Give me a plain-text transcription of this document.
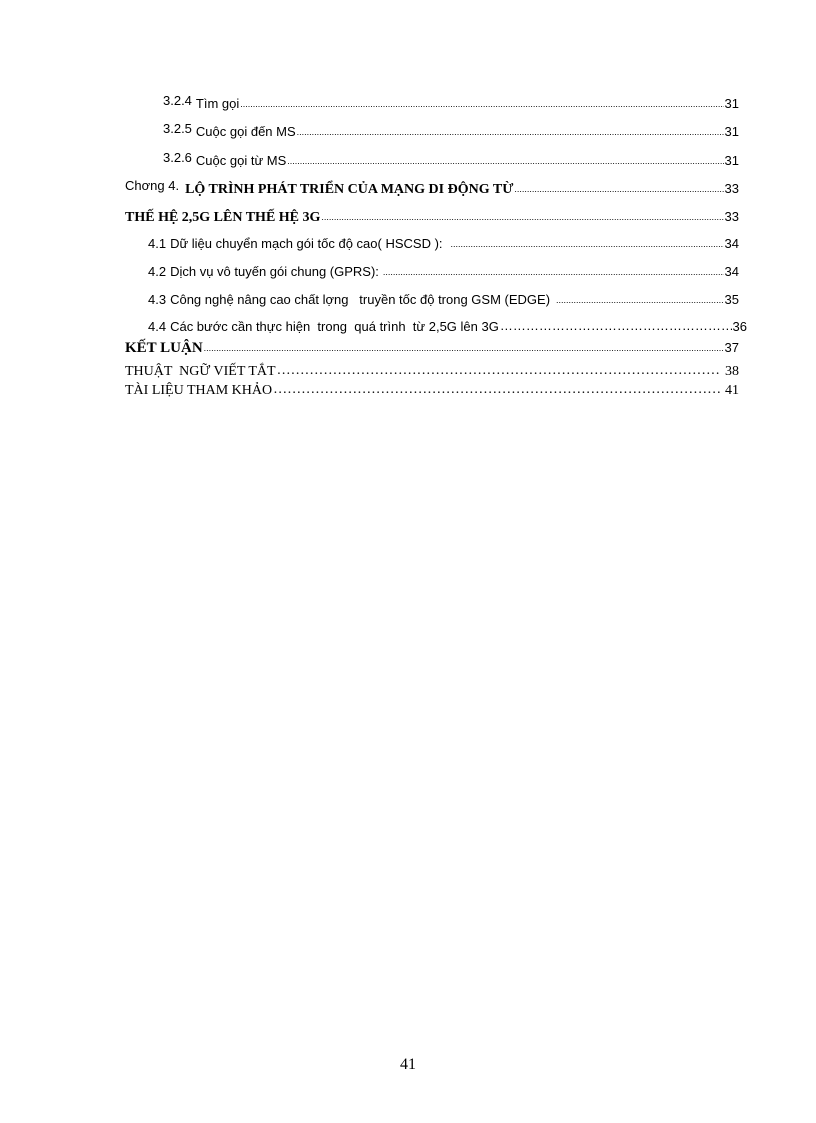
3.2.4 Tìm gọi .....	31
3.2.5 Cuộc gọi đến MS .....	31
3.2.6 Cuộc gọi từ MS .....	31
Chơng 4. LỘ TRÌNH PHÁT TRIỂN CỦA MẠNG DI ĐỘNG TỪ .....	33
THẾ HỆ 2,5G LÊN THẾ HỆ 3G .....	33
4.1 Dữ liệu chuyển mạch gói tốc độ cao( HSCSD ): .....	34
4.2 Dịch vụ vô tuyến gói chung (GPRS): .....	34
4.3 Công nghệ nâng cao chất lợng   truyền tốc độ trong GSM (EDGE) .....	35
4.4 Các bước cần thực hiện  trong  quá trình  từ 2,5G lên 3G ……………………………………………………………………………………………………………………………………………………	36
KẾT LUẬN .....	37
THUẬT  NGỮ VIẾT TẮT ……………………………………………………………………………………………………………………………………………………	38
TÀI LIỆU THAM KHẢO ……………………………………………………………………………………………………………………………………………………	41
41
